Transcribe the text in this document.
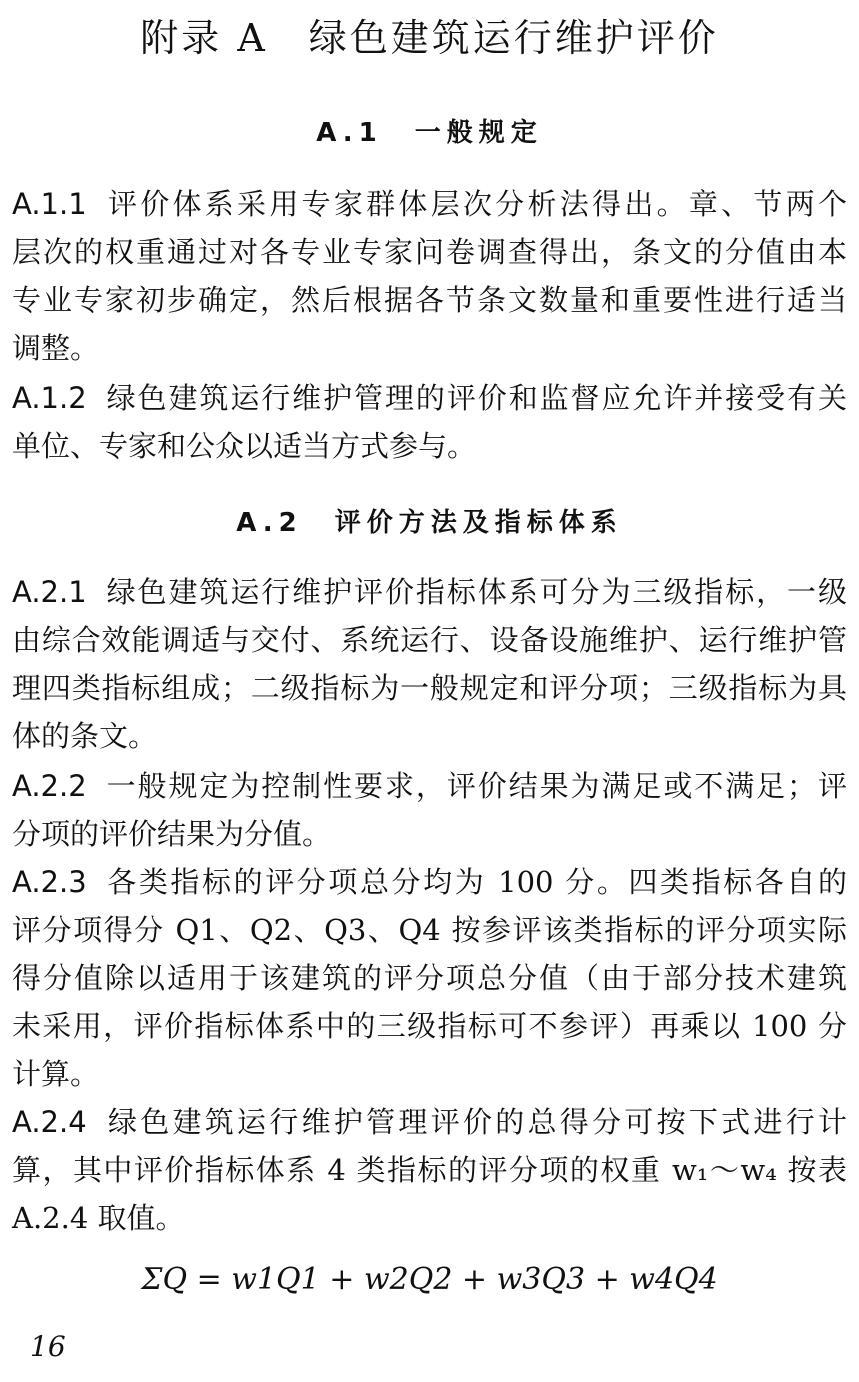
附录 A　绿色建筑运行维护评价
A.1　一般规定
A.2　评价方法及指标体系
A.1.1 评价体系采用专家群体层次分析法得出。章、节两个
层次的权重通过对各专业专家问卷调查得出，条文的分值由本
专业专家初步确定，然后根据各节条文数量和重要性进行适当
调整。
A.1.2 绿色建筑运行维护管理的评价和监督应允许并接受有关
单位、专家和公众以适当方式参与。
A.2.1 绿色建筑运行维护评价指标体系可分为三级指标，一级
由综合效能调适与交付、系统运行、设备设施维护、运行维护管
理四类指标组成；二级指标为一般规定和评分项；三级指标为具
体的条文。
A.2.2 一般规定为控制性要求，评价结果为满足或不满足；评
分项的评价结果为分值。
A.2.3 各类指标的评分项总分均为 100 分。四类指标各自的
评分项得分 Q1、Q2、Q3、Q4 按参评该类指标的评分项实际
得分值除以适用于该建筑的评分项总分值（由于部分技术建筑
未采用，评价指标体系中的三级指标可不参评）再乘以 100 分
计算。
A.2.4 绿色建筑运行维护管理评价的总得分可按下式进行计
算，其中评价指标体系 4 类指标的评分项的权重 w₁～w₄ 按表
A.2.4 取值。
ΣQ = w1Q1 + w2Q2 + w3Q3 + w4Q4
16
